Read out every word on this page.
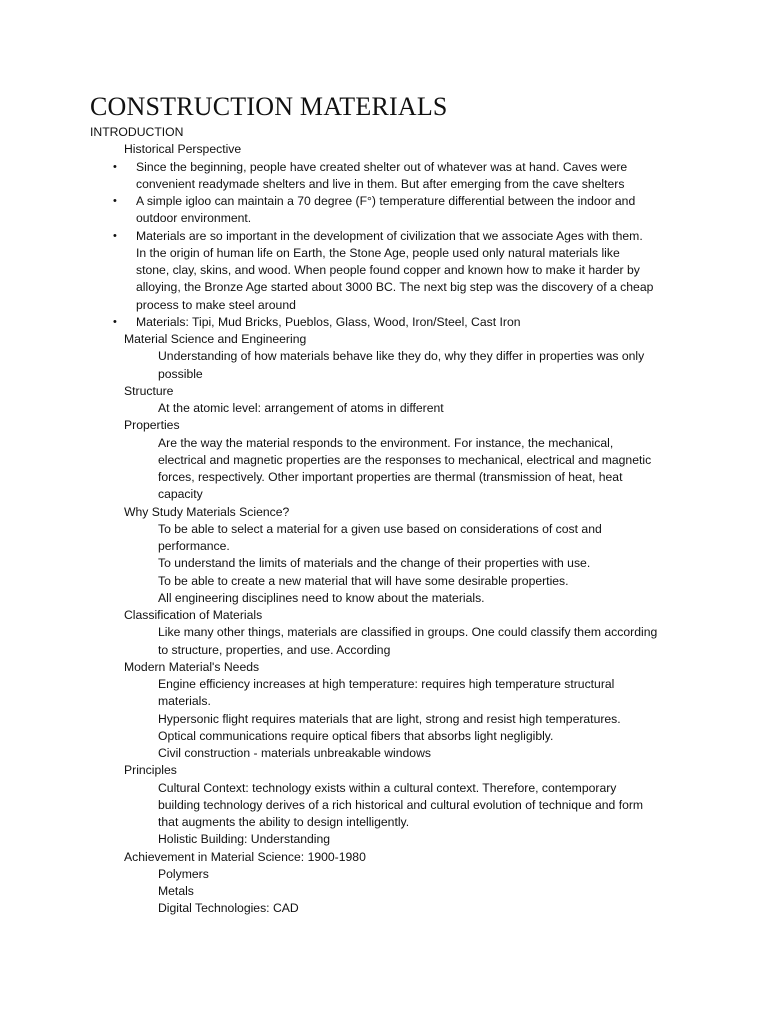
CONSTRUCTION MATERIALS
INTRODUCTION
Historical Perspective
• Since the beginning, people have created shelter out of whatever was at hand. Caves were
convenient readymade shelters and live in them. But after emerging from the cave shelters
• A simple igloo can maintain a 70 degree (F°) temperature differential between the indoor and
outdoor environment.
• Materials are so important in the development of civilization that we associate Ages with them.
In the origin of human life on Earth, the Stone Age, people used only natural materials like
stone, clay, skins, and wood. When people found copper and known how to make it harder by
alloying, the Bronze Age started about 3000 BC. The next big step was the discovery of a cheap
process to make steel around
• Materials: Tipi, Mud Bricks, Pueblos, Glass, Wood, Iron/Steel, Cast Iron
Material Science and Engineering
Understanding of how materials behave like they do, why they differ in properties was only
possible
Structure
At the atomic level: arrangement of atoms in different
Properties
Are the way the material responds to the environment. For instance, the mechanical,
electrical and magnetic properties are the responses to mechanical, electrical and magnetic
forces, respectively. Other important properties are thermal (transmission of heat, heat
capacity
Why Study Materials Science?
To be able to select a material for a given use based on considerations of cost and
performance.
To understand the limits of materials and the change of their properties with use.
To be able to create a new material that will have some desirable properties.
All engineering disciplines need to know about the materials.
Classification of Materials
Like many other things, materials are classified in groups. One could classify them according
to structure, properties, and use. According
Modern Material's Needs
Engine efficiency increases at high temperature: requires high temperature structural
materials.
Hypersonic flight requires materials that are light, strong and resist high temperatures.
Optical communications require optical fibers that absorbs light negligibly.
Civil construction - materials unbreakable windows
Principles
Cultural Context: technology exists within a cultural context. Therefore, contemporary
building technology derives of a rich historical and cultural evolution of technique and form
that augments the ability to design intelligently.
Holistic Building: Understanding
Achievement in Material Science: 1900-1980
Polymers
Metals
Digital Technologies: CAD
